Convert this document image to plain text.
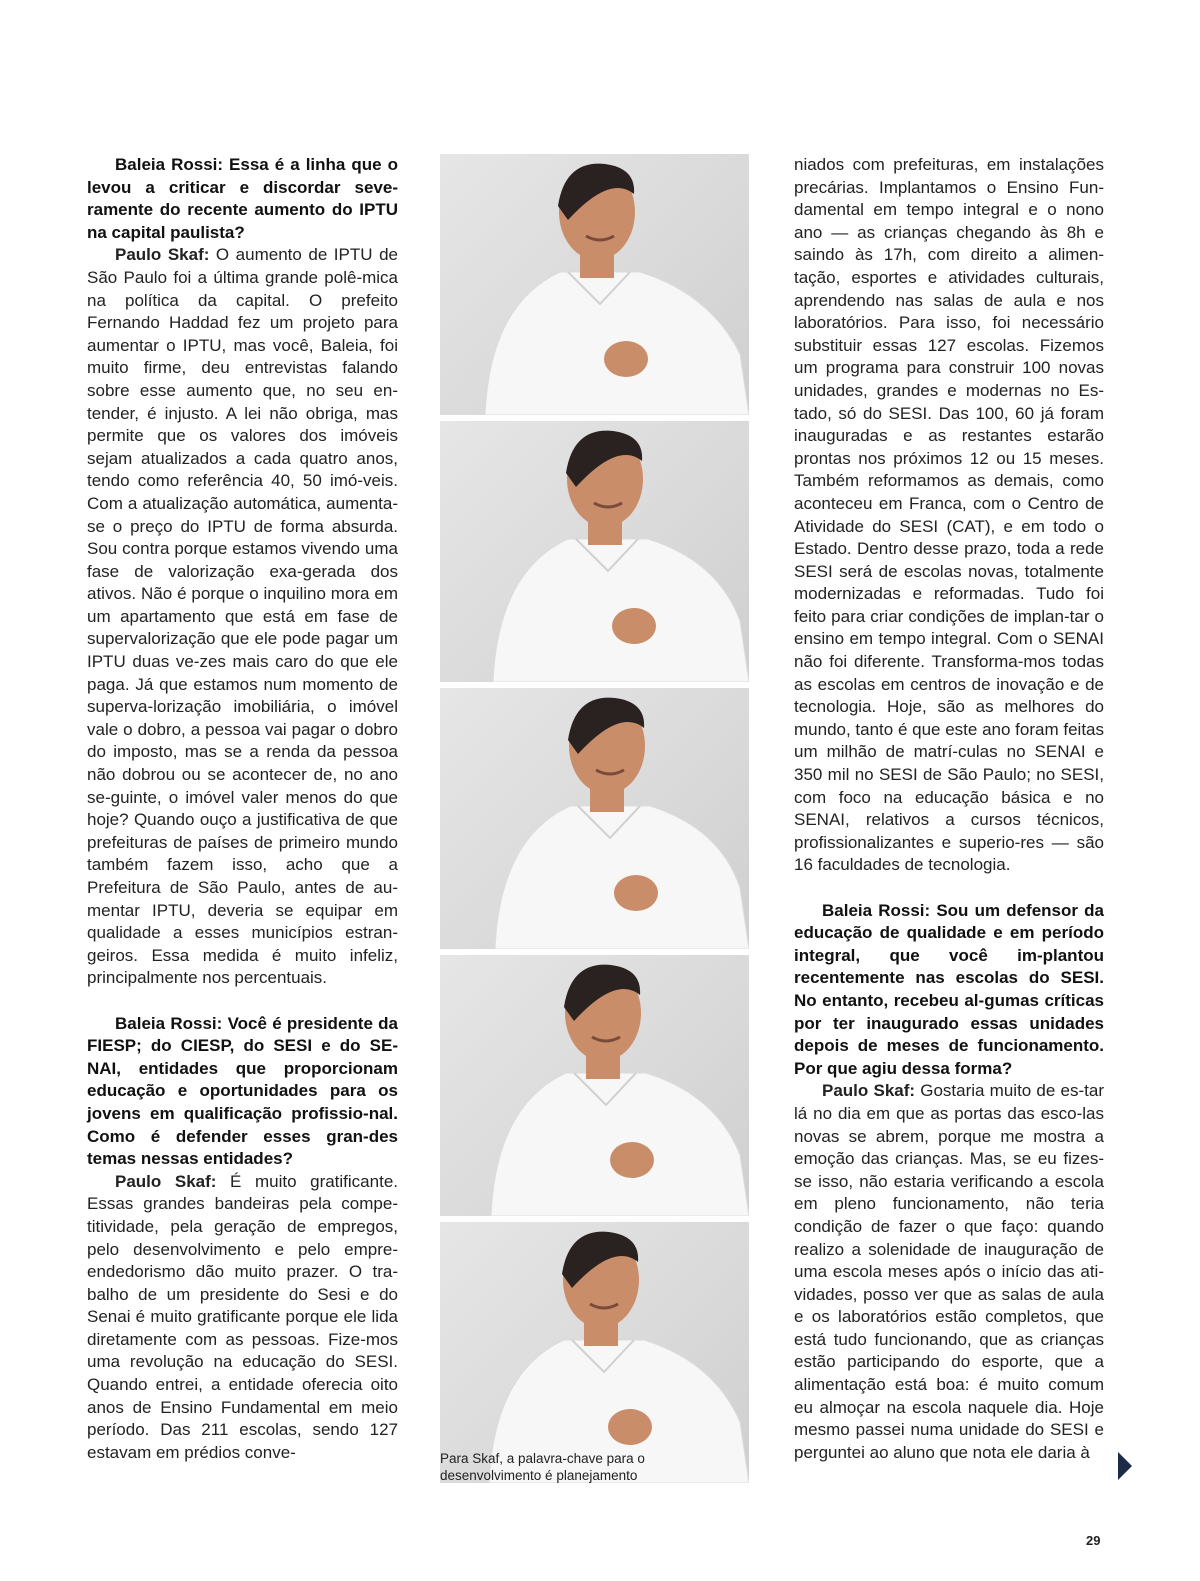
Baleia Rossi: Essa é a linha que o levou a criticar e discordar seve-ramente do recente aumento do IPTU na capital paulista?

Paulo Skaf: O aumento de IPTU de São Paulo foi a última grande polê-mica na política da capital. O prefeito Fernando Haddad fez um projeto para aumentar o IPTU, mas você, Baleia, foi muito firme, deu entrevistas falando sobre esse aumento que, no seu en-tender, é injusto. A lei não obriga, mas permite que os valores dos imóveis sejam atualizados a cada quatro anos, tendo como referência 40, 50 imó-veis. Com a atualização automática, aumenta-se o preço do IPTU de forma absurda. Sou contra porque estamos vivendo uma fase de valorização exa-gerada dos ativos. Não é porque o inquilino mora em um apartamento que está em fase de supervalorização que ele pode pagar um IPTU duas ve-zes mais caro do que ele paga. Já que estamos num momento de superva-lorização imobiliária, o imóvel vale o dobro, a pessoa vai pagar o dobro do imposto, mas se a renda da pessoa não dobrou ou se acontecer de, no ano se-guinte, o imóvel valer menos do que hoje? Quando ouço a justificativa de que prefeituras de países de primeiro mundo também fazem isso, acho que a Prefeitura de São Paulo, antes de au-mentar IPTU, deveria se equipar em qualidade a esses municípios estran-geiros. Essa medida é muito infeliz, principalmente nos percentuais.

Baleia Rossi: Você é presidente da FIESP; do CIESP, do SESI e do SE-NAI, entidades que proporcionam educação e oportunidades para os jovens em qualificação profissio-nal. Como é defender esses gran-des temas nessas entidades?

Paulo Skaf: É muito gratificante. Essas grandes bandeiras pela compe-titividade, pela geração de empregos, pelo desenvolvimento e pelo empre-endedorismo dão muito prazer. O tra-balho de um presidente do Sesi e do Senai é muito gratificante porque ele lida diretamente com as pessoas. Fize-mos uma revolução na educação do SESI. Quando entrei, a entidade oferecia oito anos de Ensino Fundamental em meio período. Das 211 escolas, sendo 127 estavam em prédios conve-	Para Skaf, a palavra-chave para o desenvolvimento é planejamento

niados com prefeituras, em instalações precárias. Implantamos o Ensino Fun-damental em tempo integral e o nono ano — as crianças chegando às 8h e saindo às 17h, com direito a alimen-tação, esportes e atividades culturais, aprendendo nas salas de aula e nos laboratórios. Para isso, foi necessário substituir essas 127 escolas. Fizemos um programa para construir 100 novas unidades, grandes e modernas no Es-tado, só do SESI. Das 100, 60 já foram inauguradas e as restantes estarão prontas nos próximos 12 ou 15 meses. Também reformamos as demais, como aconteceu em Franca, com o Centro de Atividade do SESI (CAT), e em todo o Estado. Dentro desse prazo, toda a rede SESI será de escolas novas, totalmente modernizadas e reformadas. Tudo foi feito para criar condições de implan-tar o ensino em tempo integral. Com o SENAI não foi diferente. Transforma-mos todas as escolas em centros de inovação e de tecnologia. Hoje, são as melhores do mundo, tanto é que este ano foram feitas um milhão de matrí-culas no SENAI e 350 mil no SESI de São Paulo; no SESI, com foco na educação básica e no SENAI, relativos a cursos técnicos, profissionalizantes e superio-res — são 16 faculdades de tecnologia.

Baleia Rossi: Sou um defensor da educação de qualidade e em período integral, que você im-plantou recentemente nas escolas do SESI. No entanto, recebeu al-gumas críticas por ter inaugurado essas unidades depois de meses de funcionamento. Por que agiu dessa forma?

Paulo Skaf: Gostaria muito de es-tar lá no dia em que as portas das esco-las novas se abrem, porque me mostra a emoção das crianças. Mas, se eu fizes-se isso, não estaria verificando a escola em pleno funcionamento, não teria condição de fazer o que faço: quando realizo a solenidade de inauguração de uma escola meses após o início das ati-vidades, posso ver que as salas de aula e os laboratórios estão completos, que está tudo funcionando, que as crianças estão participando do esporte, que a alimentação está boa: é muito comum eu almoçar na escola naquele dia. Hoje mesmo passei numa unidade do SESI e perguntei ao aluno que nota ele daria à

29
